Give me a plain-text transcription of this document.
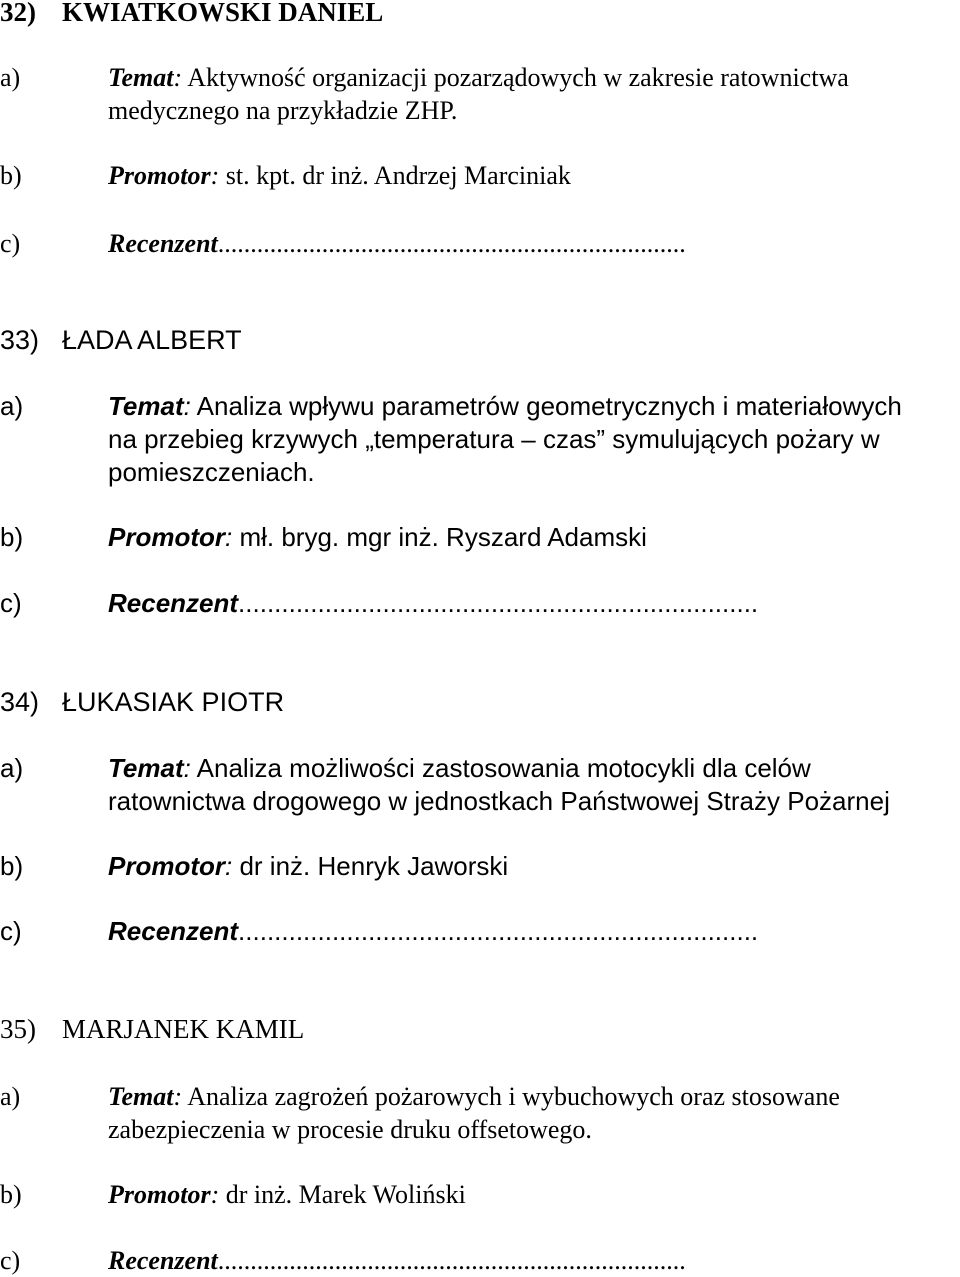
32) KWIATKOWSKI DANIEL
a)	Temat: Aktywność organizacji pozarządowych w zakresie ratownictwa
medycznego na przykładzie ZHP.
b)	Promotor: st. kpt. dr inż. Andrzej Marciniak
c)	Recenzent........................................................................
33) ŁADA ALBERT
a)	Temat: Analiza wpływu parametrów geometrycznych i materiałowych
na przebieg krzywych „temperatura – czas” symulujących pożary w
pomieszczeniach.
b)	Promotor: mł. bryg. mgr inż. Ryszard Adamski
c)	Recenzent........................................................................
34) ŁUKASIAK PIOTR
a)	Temat: Analiza możliwości zastosowania motocykli dla celów
ratownictwa drogowego w jednostkach Państwowej Straży Pożarnej
b)	Promotor: dr inż. Henryk Jaworski
c)	Recenzent........................................................................
35) MARJANEK KAMIL
a)	Temat: Analiza zagrożeń pożarowych i wybuchowych oraz stosowane
zabezpieczenia w procesie druku offsetowego.
b)	Promotor: dr inż. Marek Woliński
c)	Recenzent........................................................................
